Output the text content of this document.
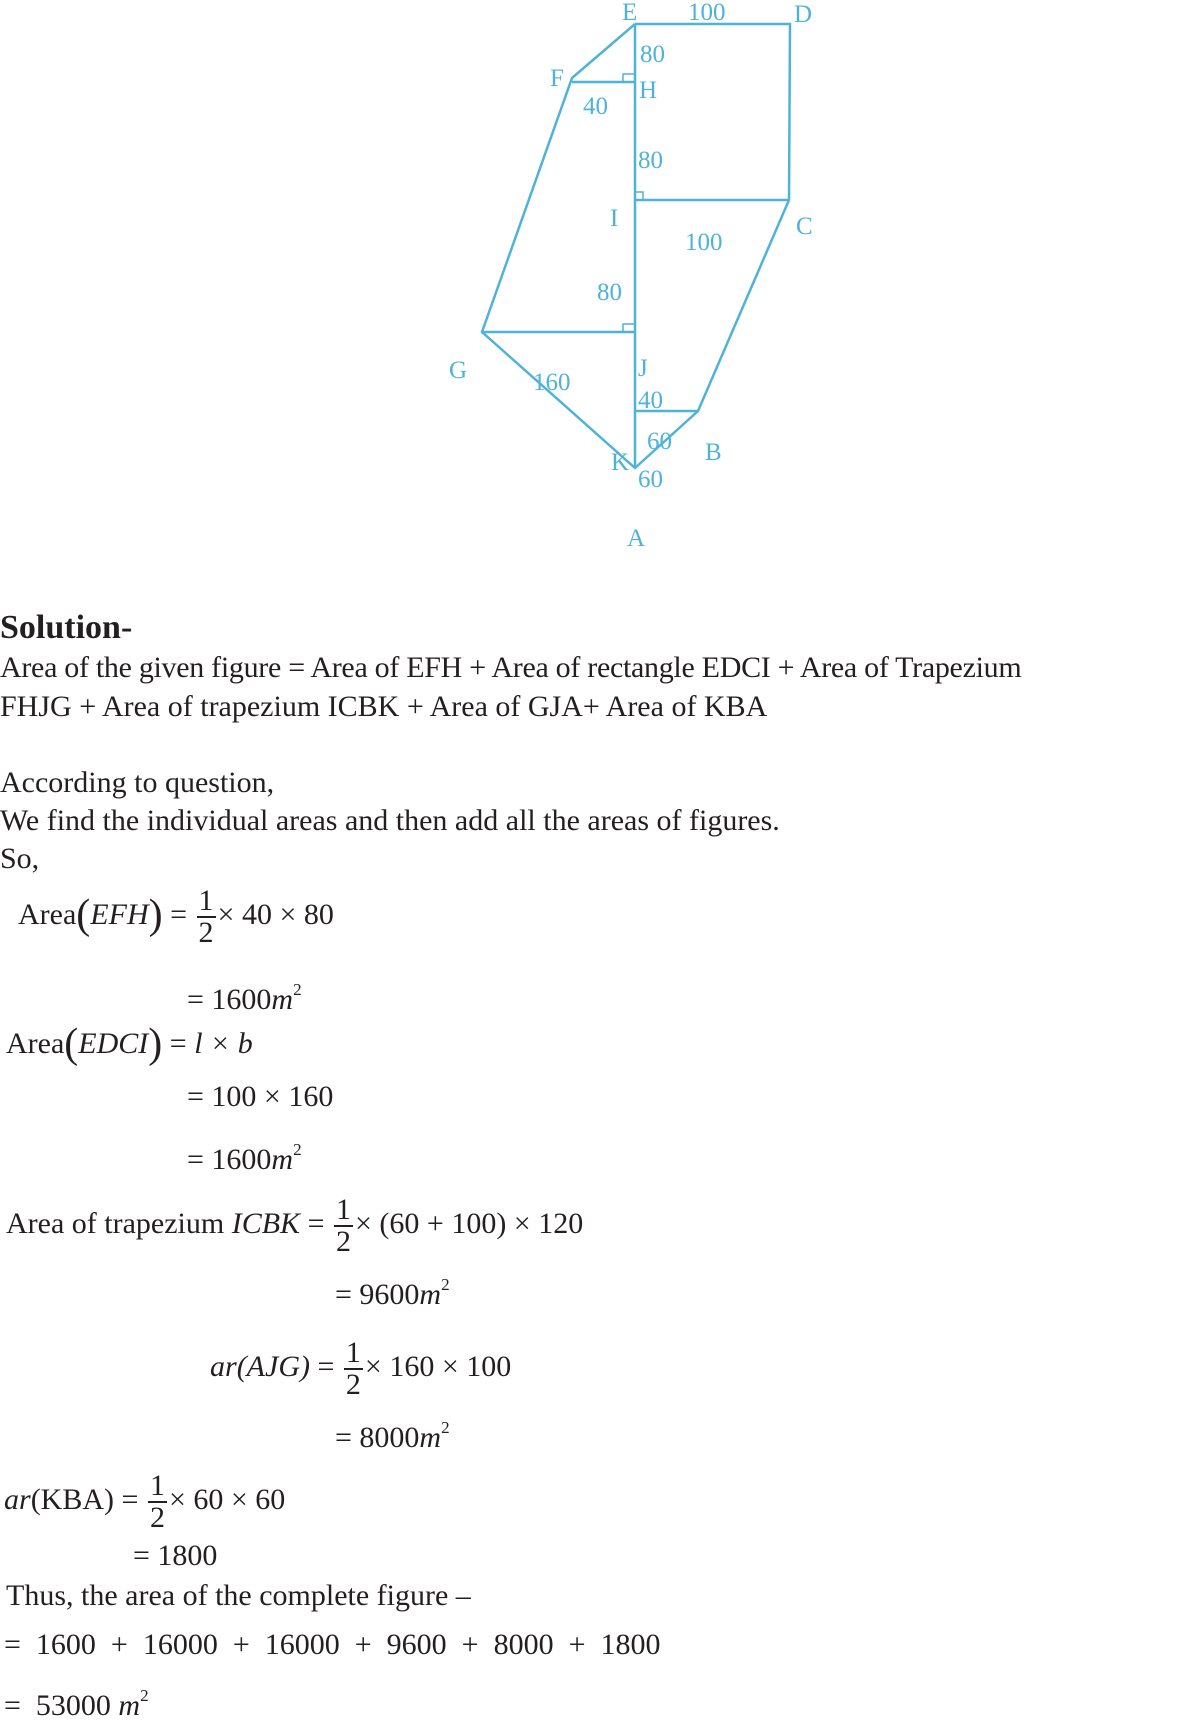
E	D
F	H
I	C
G	J
K	B
A
100
80
40
80
100
80
160
40
60
60
Solution-
Area of the given figure = Area of EFH + Area of rectangle EDCI + Area of Trapezium
FHJG + Area of trapezium ICBK + Area of GJA+ Area of KBA
According to question,
We find the individual areas and then add all the areas of figures.
So,
Area(EFH) = $\frac{1}{2} \times 40 \times 80$
= $1600m^2$
Area(EDCI) = l × b
= 100 × 160
= $1600m^2$
Area of trapezium ICBK = $\frac{1}{2} \times (60 + 100) \times 120$
= $9600m^2$
$ar(AJG) = \frac{1}{2} \times 160 \times 100$
= $8000m^2$
$ar(KBA) = \frac{1}{2} \times 60 \times 60$
= 1800
Thus, the area of the complete figure –
=  1600  +  16000  +  16000  +  9600  +  8000  +  1800
=  53000 $m^2$
